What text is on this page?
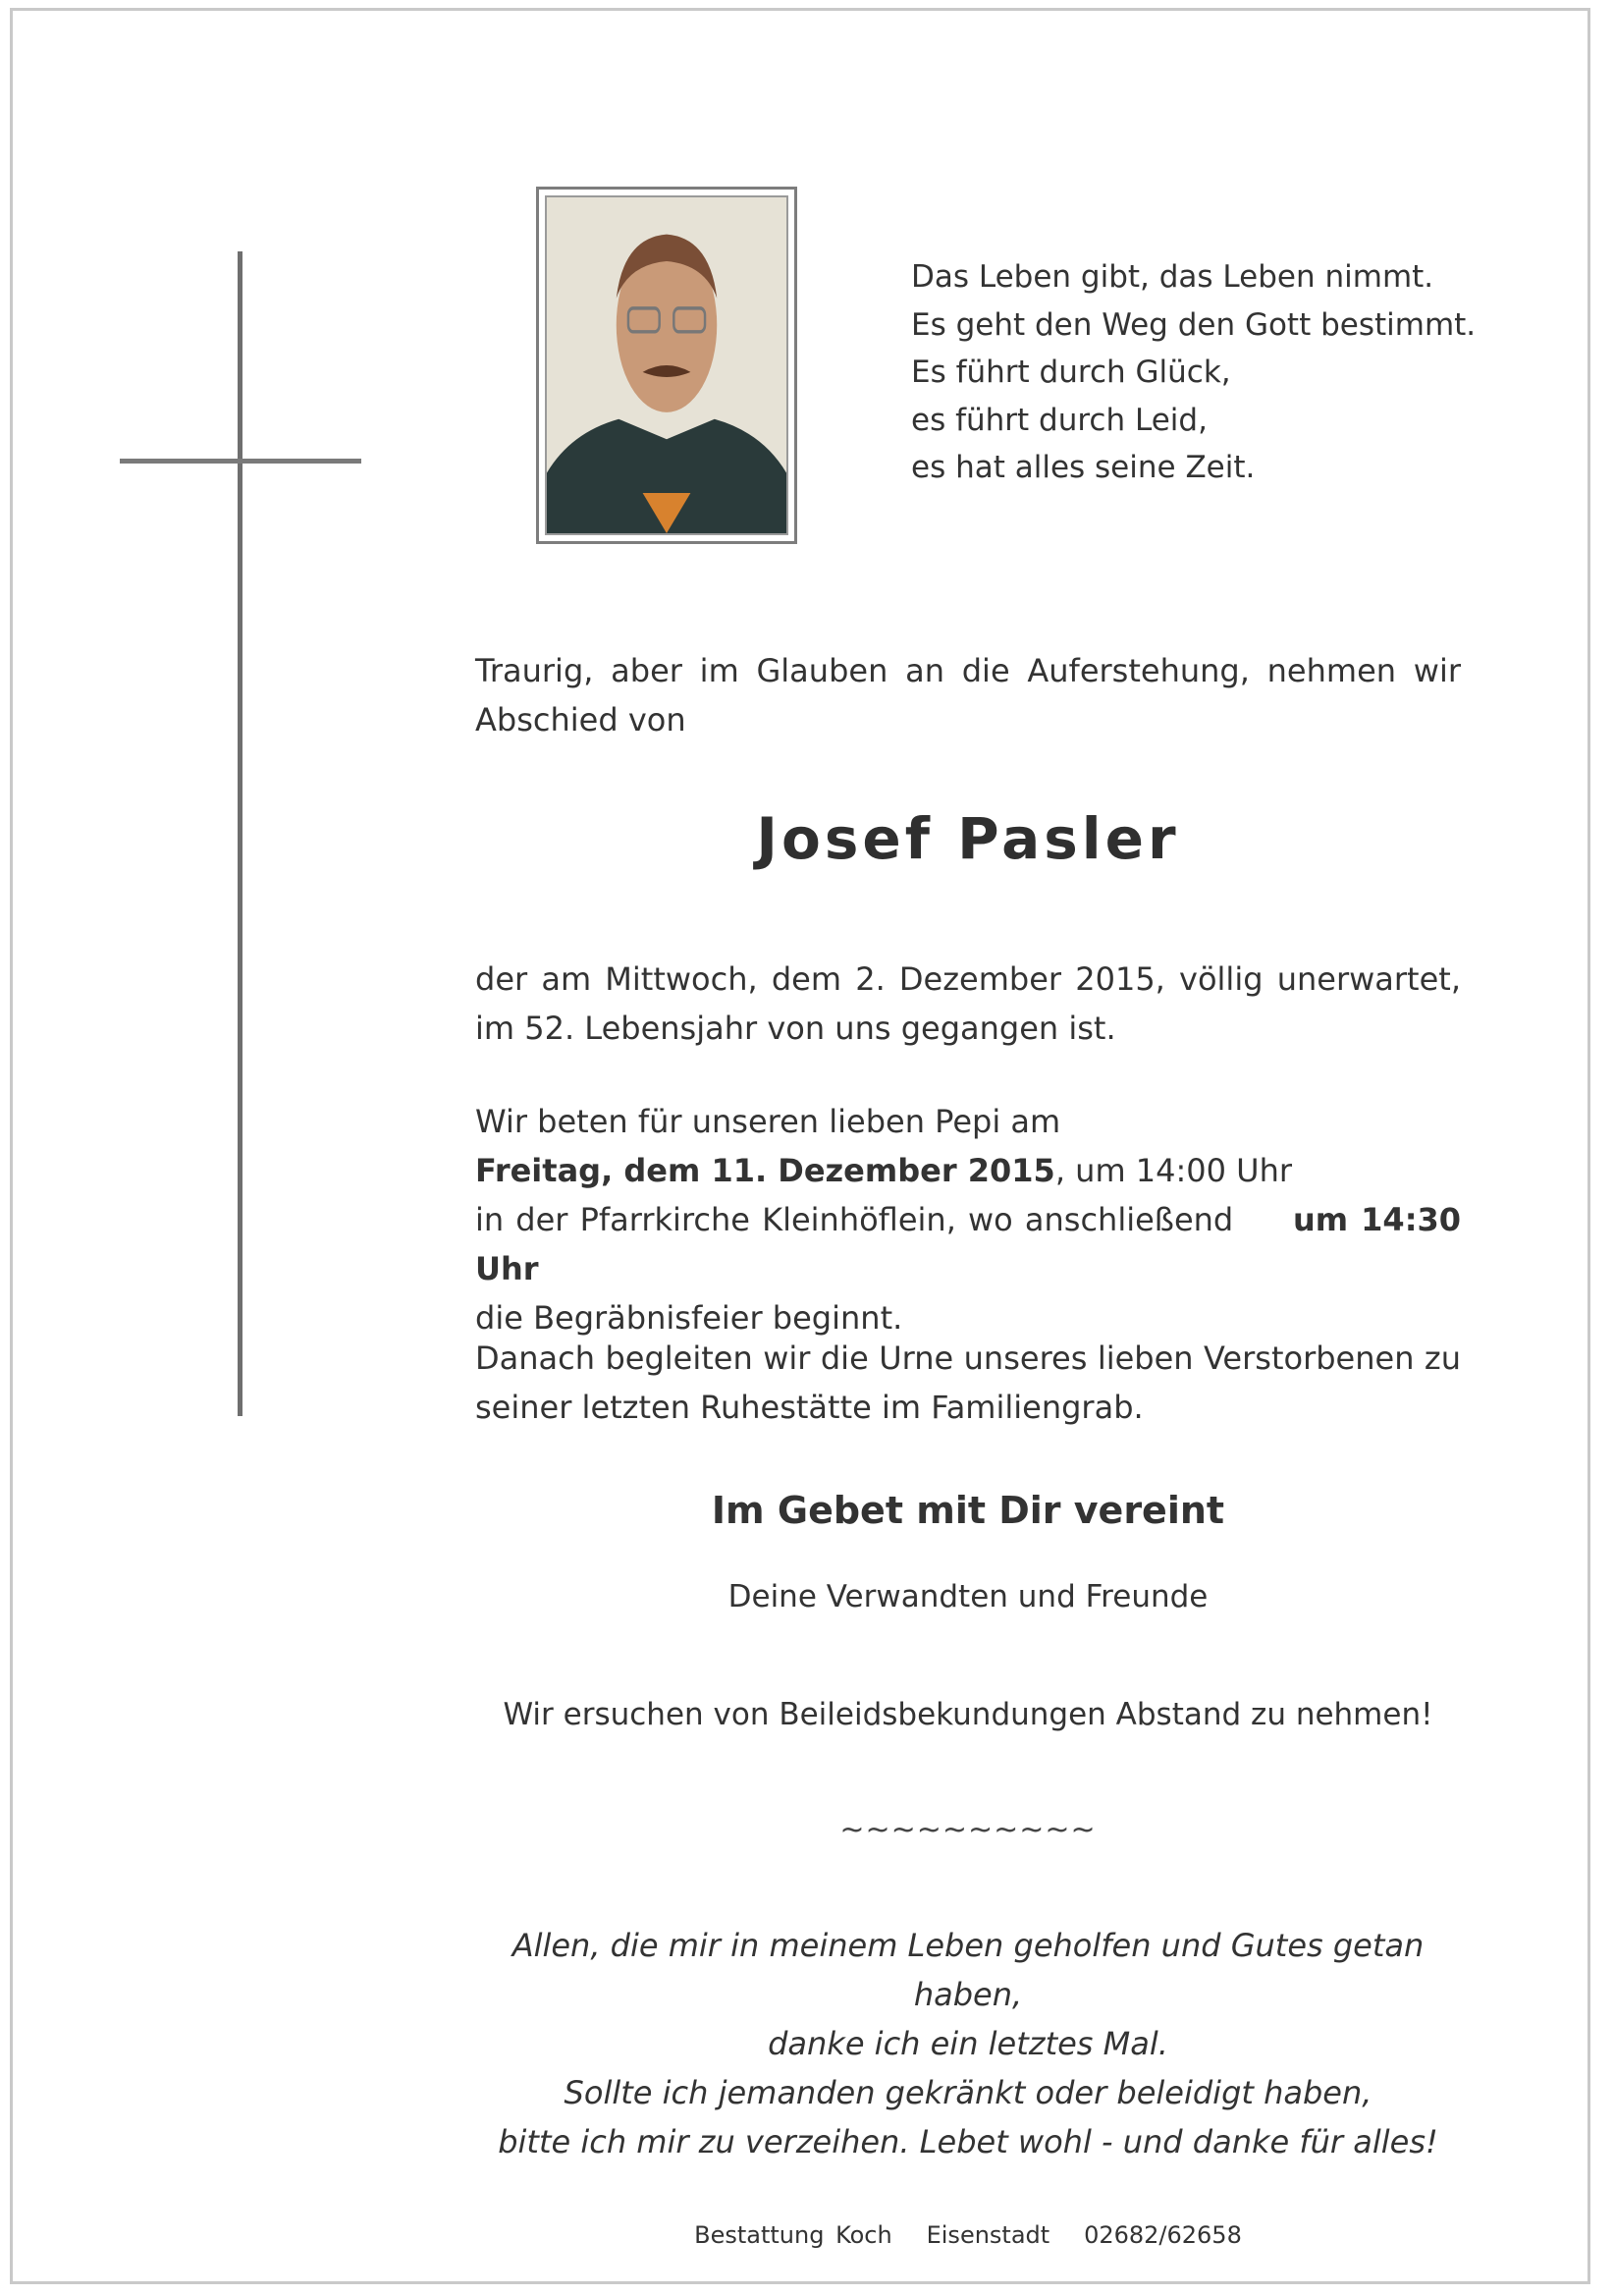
Das Leben gibt, das Leben nimmt.
Es geht den Weg den Gott bestimmt.
Es führt durch Glück,
es führt durch Leid,
es hat alles seine Zeit.
Traurig, aber im Glauben an die Auferstehung, nehmen wir Abschied von
Josef Pasler
der am Mittwoch, dem 2. Dezember 2015, völlig unerwartet, im 52. Lebensjahr von uns gegangen ist.
Wir beten für unseren lieben Pepi am
Freitag, dem 11. Dezember 2015, um 14:00 Uhr
in der Pfarrkirche Kleinhöflein, wo anschließend um 14:30 Uhr
die Begräbnisfeier beginnt.
Danach begleiten wir die Urne unseres lieben Verstorbenen zu seiner letzten Ruhestätte im Familiengrab.
Im Gebet mit Dir vereint
Deine Verwandten und Freunde
Wir ersuchen von Beileidsbekundungen Abstand zu nehmen!
~~~~~~~~~~
Allen, die mir in meinem Leben geholfen und Gutes getan haben,
danke ich ein letztes Mal.
Sollte ich jemanden gekränkt oder beleidigt haben,
bitte ich mir zu verzeihen. Lebet wohl - und danke für alles!
Bestattung Koch   Eisenstadt   02682/62658
